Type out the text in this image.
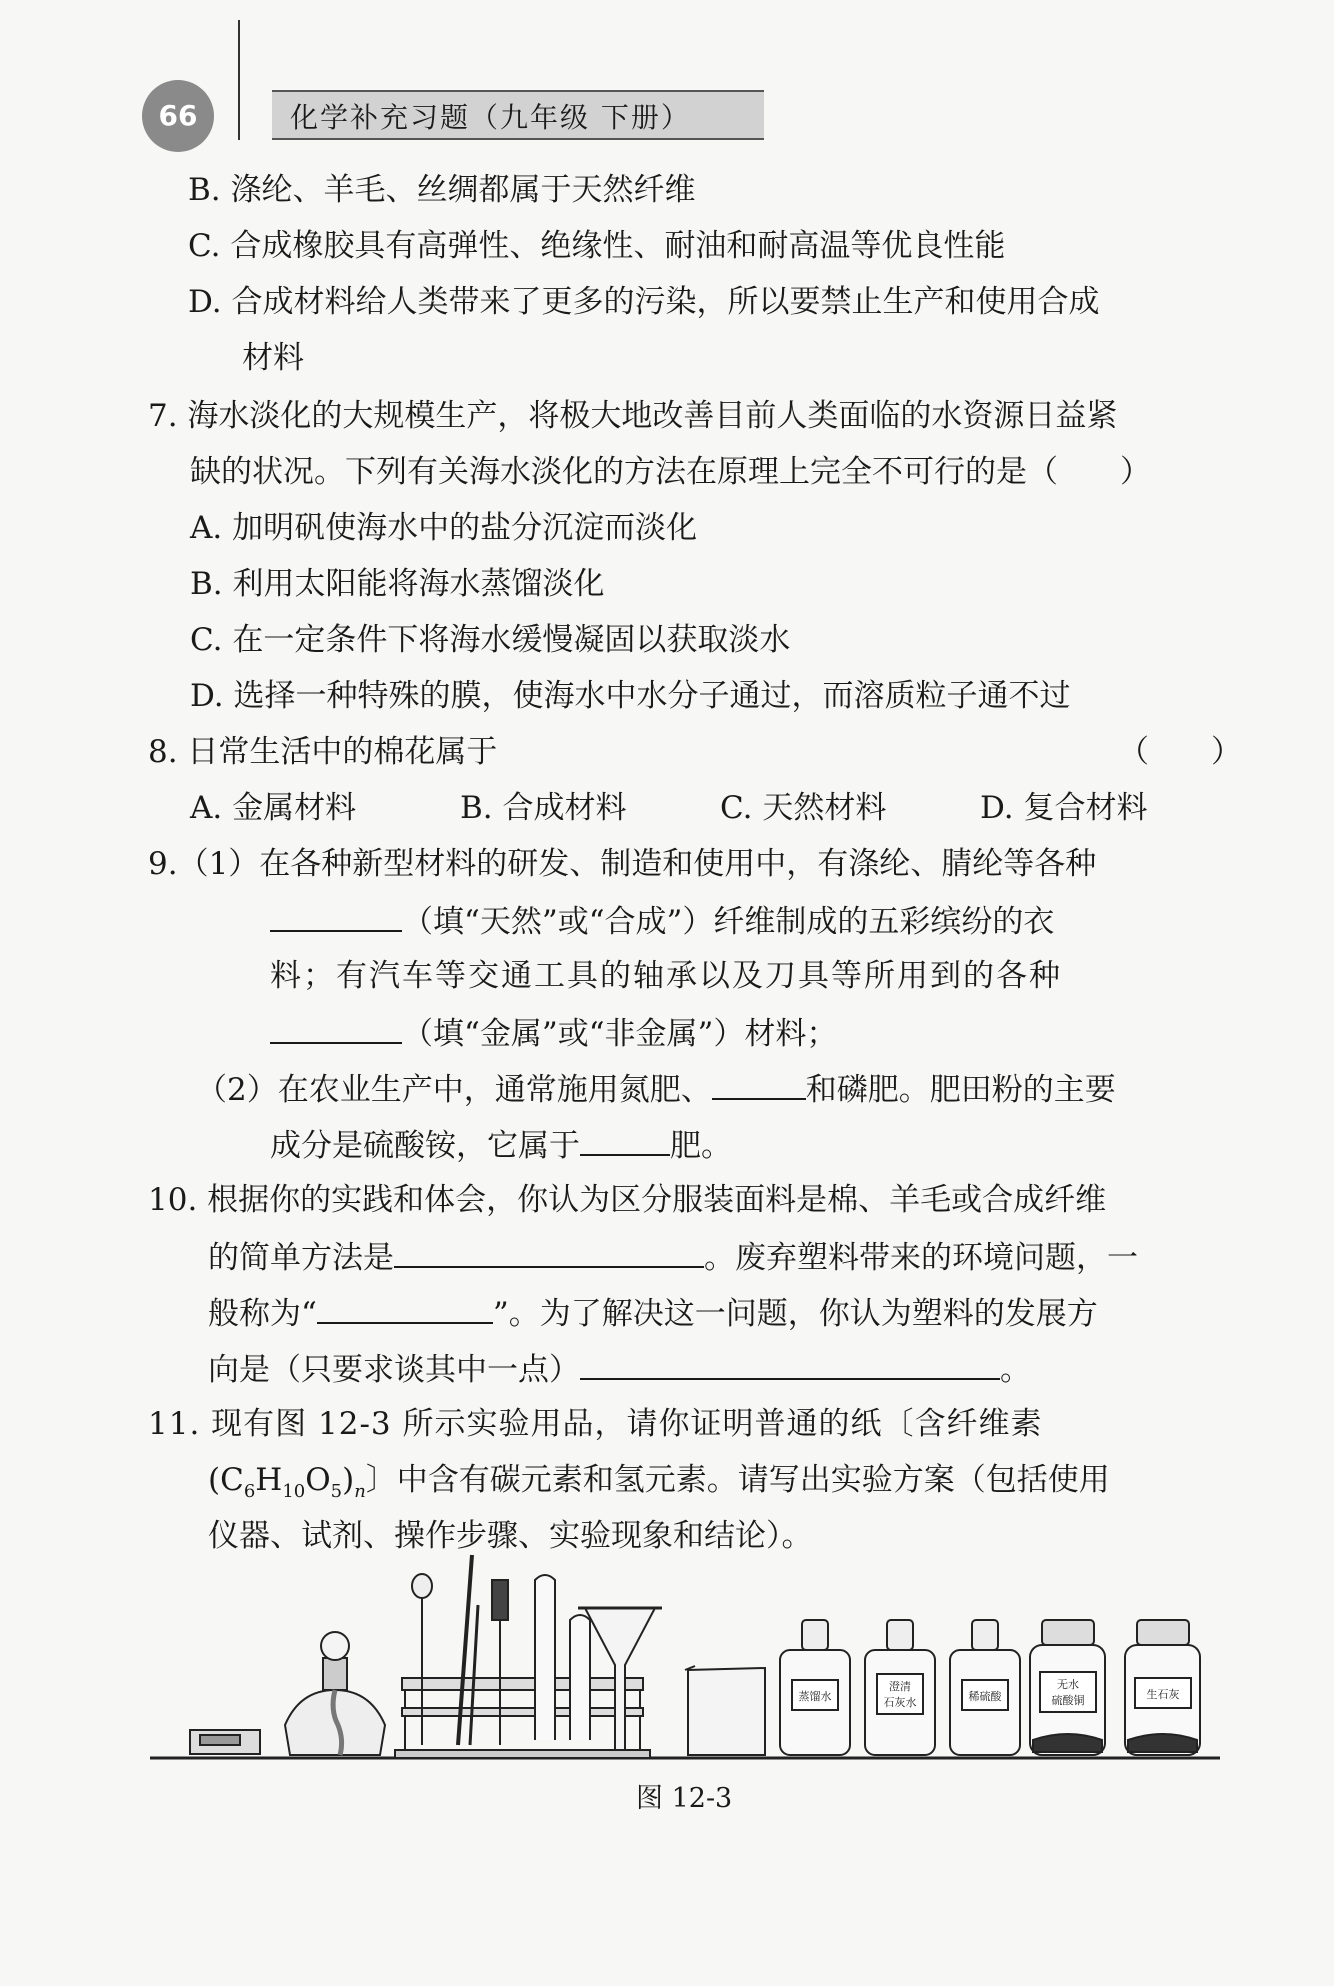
66	化学补充习题（九年级 下册）
B. 涤纶、羊毛、丝绸都属于天然纤维
C. 合成橡胶具有高弹性、绝缘性、耐油和耐高温等优良性能
D. 合成材料给人类带来了更多的污染，所以要禁止生产和使用合成
材料
7. 海水淡化的大规模生产，将极大地改善目前人类面临的水资源日益紧
缺的状况。下列有关海水淡化的方法在原理上完全不可行的是（　　）
A. 加明矾使海水中的盐分沉淀而淡化
B. 利用太阳能将海水蒸馏淡化
C. 在一定条件下将海水缓慢凝固以获取淡水
D. 选择一种特殊的膜，使海水中水分子通过，而溶质粒子通不过
8. 日常生活中的棉花属于	（　　）
A. 金属材料	B. 合成材料	C. 天然材料	D. 复合材料
9.（1）在各种新型材料的研发、制造和使用中，有涤纶、腈纶等各种
（填“天然”或“合成”）纤维制成的五彩缤纷的衣
料；有汽车等交通工具的轴承以及刀具等所用到的各种
（填“金属”或“非金属”）材料；
（2）在农业生产中，通常施用氮肥、	和磷肥。肥田粉的主要
成分是硫酸铵，它属于	肥。
10. 根据你的实践和体会，你认为区分服装面料是棉、羊毛或合成纤维
的简单方法是	。废弃塑料带来的环境问题，一
般称为“	”。为了解决这一问题，你认为塑料的发展方
向是（只要求谈其中一点）	。
11. 现有图 12-3 所示实验用品，请你证明普通的纸〔含纤维素
$(C_6H_{10}O_5)_n$〕中含有碳元素和氢元素。请写出实验方案（包括使用
仪器、试剂、操作步骤、实验现象和结论）。
蒸馏水
澄清
石灰水	稀硫酸
无水
硫酸铜	生石灰
图 12-3
